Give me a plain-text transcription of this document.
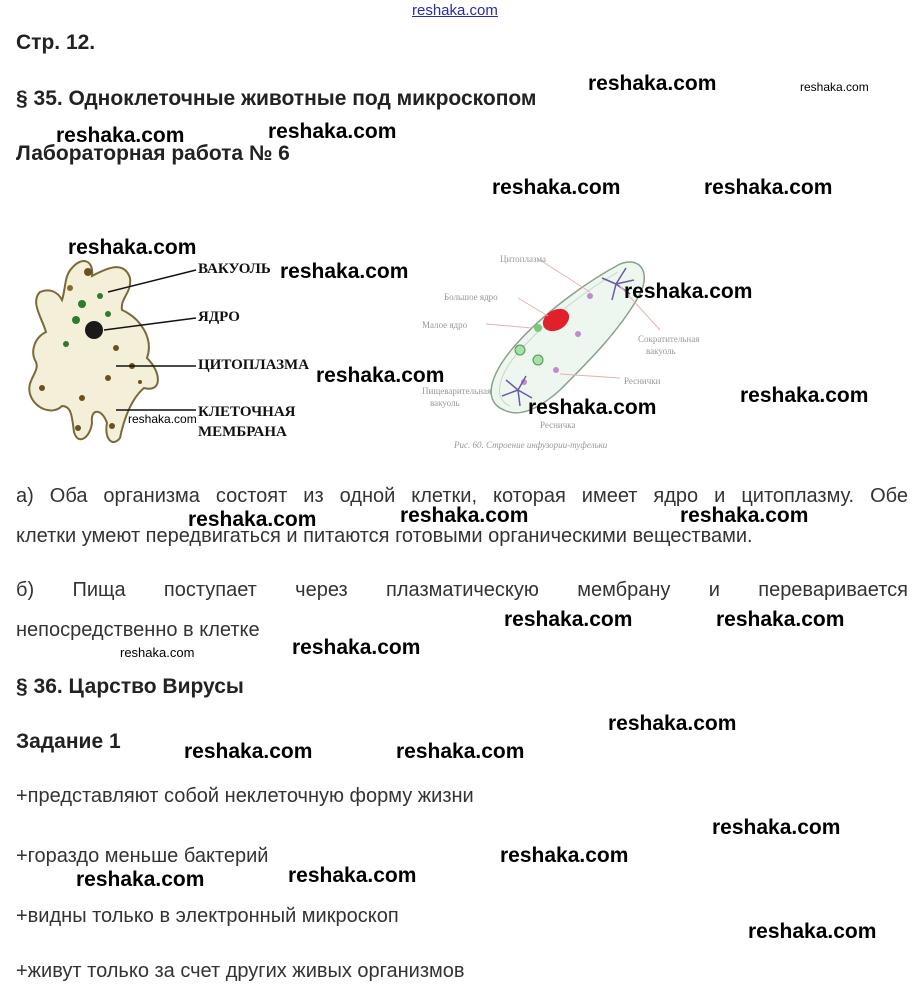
reshaka.com
Стр. 12.
§ 35. Одноклеточные животные под микроскопом
Лабораторная работа № 6
ВАКУОЛЬ
ЯДРО
ЦИТОПЛАЗМА
КЛЕТОЧНАЯ
МЕМБРАНА
Цитоплазма
Большое ядро
Малое ядро
Сократительная
вакуоль
Реснички
Пищеварительная
вакуоль
Ресничка
Рис. 60. Строение инфузории-туфельки
а) Оба организма состоят из одной клетки, которая имеет ядро и цитоплазму. Обе
клетки умеют передвигаться и питаются готовыми органическими веществами.
б) Пища поступает через плазматическую мембрану и переваривается
непосредственно в клетке
§ 36. Царство Вирусы
Задание 1
+представляют собой неклеточную форму жизни
+гораздо меньше бактерий
+видны только в электронный микроскоп
+живут только за счет других живых организмов
reshaka.com
reshaka.com	reshaka.com
reshaka.com	reshaka.com
reshaka.com
reshaka.com
reshaka.com
reshaka.com
reshaka.com
reshaka.com
reshaka.com	reshaka.com	reshaka.com
reshaka.com	reshaka.com
reshaka.com
reshaka.com
reshaka.com	reshaka.com
reshaka.com
reshaka.com
reshaka.com	reshaka.com
reshaka.com
reshaka.com
reshaka.com
reshaka.com
